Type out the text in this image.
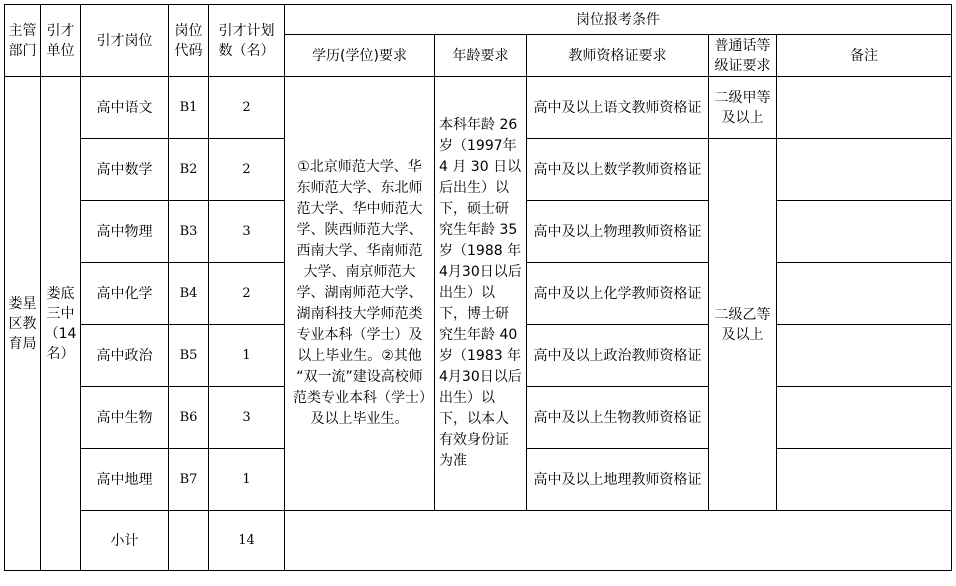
主管部门	引才单位	引才岗位	岗位代码	引才计划数（名）	岗位报考条件				
					学历(学位)要求	年龄要求	教师资格证要求	普通话等级证要求	备注
娄星区教育局	娄底三中（14名）	高中语文	B1	2	①北京师范大学、华东师范大学、东北师范大学、华中师范大学、陕西师范大学、西南大学、华南师范大学、南京师范大学、湖南师范大学、湖南科技大学师范类专业本科（学士）及以上毕业生。②其他 “双一流”建设高校师范类专业本科（学士）及以上毕业生。	本科年龄 26 岁（1997年 4 月 30 日以后出生）以下，硕士研究生年龄 35 岁（1988 年4月30日以后出生）以下，博士研究生年龄 40 岁（1983 年4月30日以后出生）以下，以本人有效身份证为准	高中及以上语文教师资格证	二级甲等及以上	
		高中数学	B2	2			高中及以上数学教师资格证	二级乙等及以上	
		高中物理	B3	3			高中及以上物理教师资格证		
		高中化学	B4	2			高中及以上化学教师资格证		
		高中政治	B5	1			高中及以上政治教师资格证		
		高中生物	B6	3			高中及以上生物教师资格证		
		高中地理	B7	1			高中及以上地理教师资格证		
		小计		14					
